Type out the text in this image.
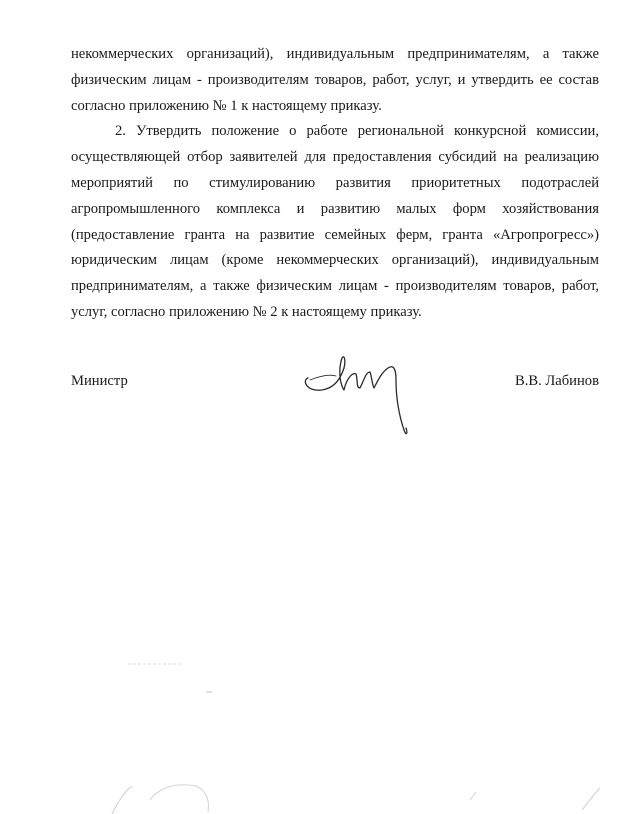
некоммерческих организаций), индивидуальным предпринимателям, а также физическим лицам - производителям товаров, работ, услуг, и утвердить ее состав согласно приложению № 1 к настоящему приказу.

2. Утвердить положение о работе региональной конкурсной комиссии, осуществляющей отбор заявителей для предоставления субсидий на реализацию мероприятий по стимулированию развития приоритетных подотраслей агропромышленного комплекса и развитию малых форм хозяйствования (предоставление гранта на развитие семейных ферм, гранта «Агропрогресс») юридическим лицам (кроме некоммерческих организаций), индивидуальным предпринимателям, а также физическим лицам - производителям товаров, работ, услуг, согласно приложению № 2 к настоящему приказу.

Министр	В.В. Лабинов
